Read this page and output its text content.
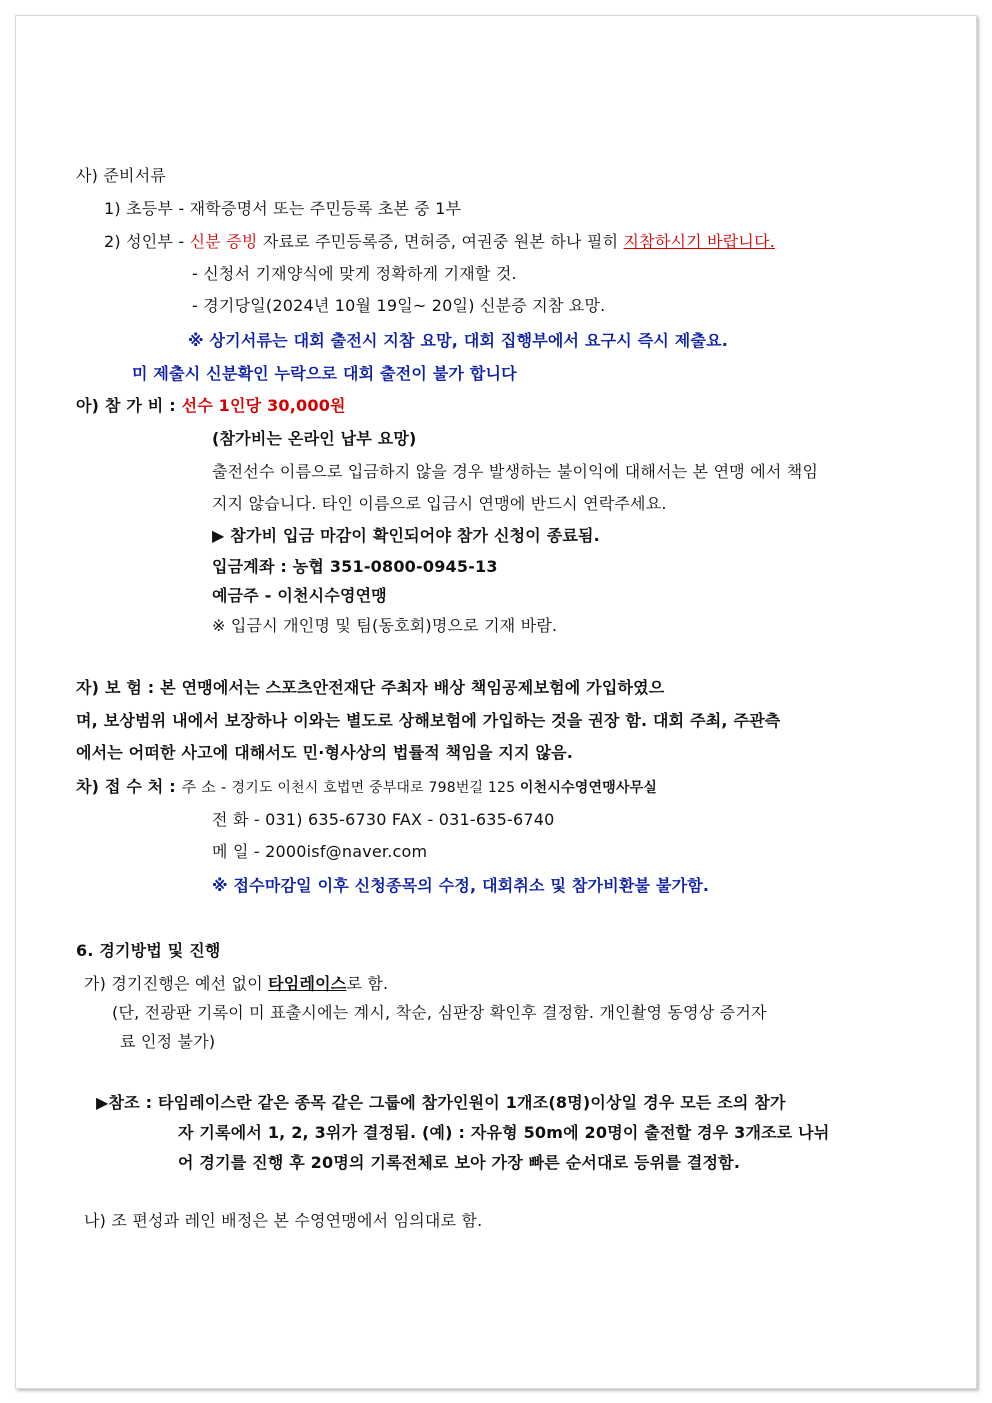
사) 준비서류
1) 초등부 - 재학증명서 또는 주민등록 초본 중 1부
2) 성인부 - 신분 증빙 자료로 주민등록증, 면허증, 여권중 원본 하나 필히 지참하시기 바랍니다.
- 신청서 기재양식에 맞게 정확하게 기재할 것.
- 경기당일(2024년 10월 19일~ 20일) 신분증 지참 요망.
※ 상기서류는 대회 출전시 지참 요망, 대회 집행부에서 요구시 즉시 제출요.
미 제출시 신분확인 누락으로 대회 출전이 불가 합니다
아) 참 가 비 : 선수 1인당 30,000원
(참가비는 온라인 납부 요망)
출전선수 이름으로 입금하지 않을 경우 발생하는 불이익에 대해서는 본 연맹 에서 책임
지지 않습니다. 타인 이름으로 입금시 연맹에 반드시 연락주세요.
▶ 참가비 입금 마감이 확인되어야 참가 신청이 종료됨.
입금계좌 : 농협 351-0800-0945-13
예금주 - 이천시수영연맹
※ 입금시 개인명 및 팀(동호회)명으로 기재 바람.
자) 보 험 : 본 연맹에서는 스포츠안전재단 주최자 배상 책임공제보험에 가입하였으
며, 보상범위 내에서 보장하나 이와는 별도로 상해보험에 가입하는 것을 권장 함. 대회 주최, 주관측
에서는 어떠한 사고에 대해서도 민·형사상의 법률적 책임을 지지 않음.
차) 접 수 처 : 주 소 - 경기도 이천시 호법면 중부대로 798번길 125 이천시수영연맹사무실
전 화 - 031) 635-6730 FAX - 031-635-6740
메 일 - 2000isf@naver.com
※ 접수마감일 이후 신청종목의 수정, 대회취소 및 참가비환불 불가함.
6. 경기방법 및 진행
가) 경기진행은 예선 없이 타임레이스로 함.
(단, 전광판 기록이 미 표출시에는 계시, 착순, 심판장 확인후 결정함. 개인촬영 동영상 증거자
료 인정 불가)
▶참조 : 타임레이스란 같은 종목 같은 그룹에 참가인원이 1개조(8명)이상일 경우 모든 조의 참가
자 기록에서 1, 2, 3위가 결정됨. (예) : 자유형 50m에 20명이 출전할 경우 3개조로 나뉘
어 경기를 진행 후 20명의 기록전체로 보아 가장 빠른 순서대로 등위를 결정함.
나) 조 편성과 레인 배정은 본 수영연맹에서 임의대로 함.
